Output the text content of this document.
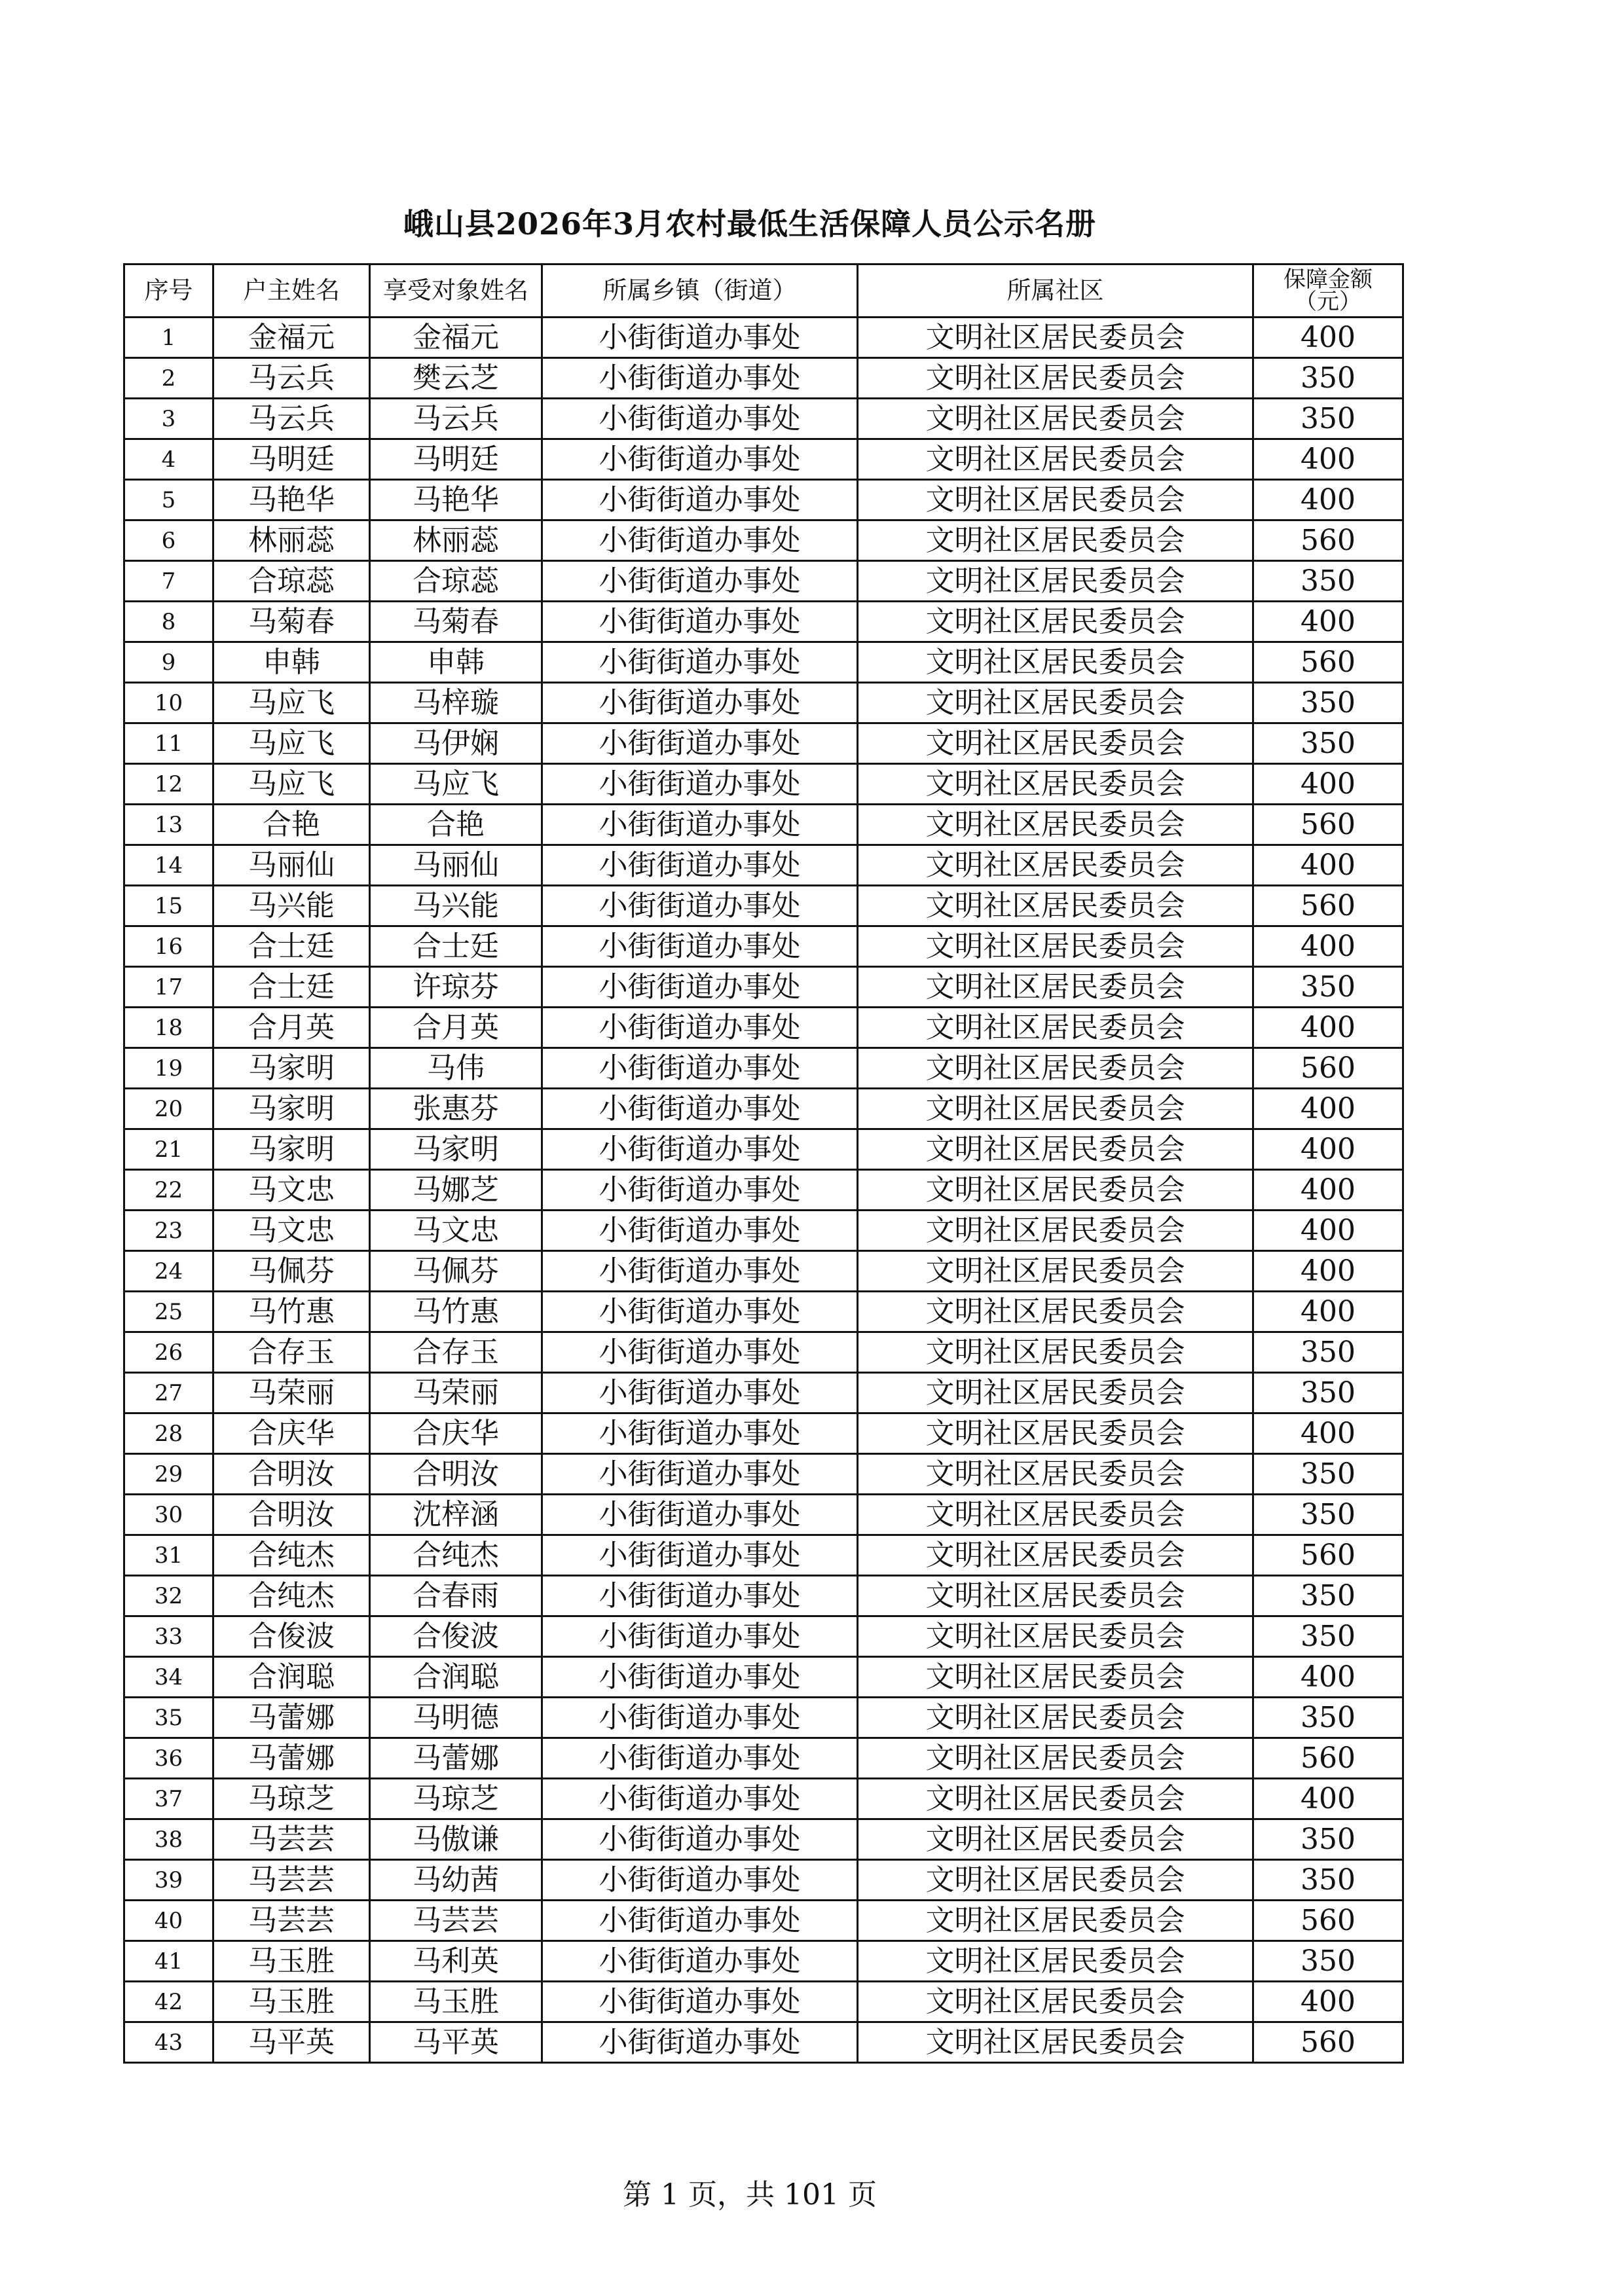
峨山县2026年3月农村最低生活保障人员公示名册
序号	户主姓名	享受对象姓名	所属乡镇（街道）	所属社区	保障金额
（元）

1	金福元	金福元	小街街道办事处	文明社区居民委员会	400
2	马云兵	樊云芝	小街街道办事处	文明社区居民委员会	350
3	马云兵	马云兵	小街街道办事处	文明社区居民委员会	350
4	马明廷	马明廷	小街街道办事处	文明社区居民委员会	400
5	马艳华	马艳华	小街街道办事处	文明社区居民委员会	400
6	林丽蕊	林丽蕊	小街街道办事处	文明社区居民委员会	560
7	合琼蕊	合琼蕊	小街街道办事处	文明社区居民委员会	350
8	马菊春	马菊春	小街街道办事处	文明社区居民委员会	400
9	申韩	申韩	小街街道办事处	文明社区居民委员会	560
10	马应飞	马梓璇	小街街道办事处	文明社区居民委员会	350
11	马应飞	马伊娴	小街街道办事处	文明社区居民委员会	350
12	马应飞	马应飞	小街街道办事处	文明社区居民委员会	400
13	合艳	合艳	小街街道办事处	文明社区居民委员会	560
14	马丽仙	马丽仙	小街街道办事处	文明社区居民委员会	400
15	马兴能	马兴能	小街街道办事处	文明社区居民委员会	560
16	合士廷	合士廷	小街街道办事处	文明社区居民委员会	400
17	合士廷	许琼芬	小街街道办事处	文明社区居民委员会	350
18	合月英	合月英	小街街道办事处	文明社区居民委员会	400
19	马家明	马伟	小街街道办事处	文明社区居民委员会	560
20	马家明	张惠芬	小街街道办事处	文明社区居民委员会	400
21	马家明	马家明	小街街道办事处	文明社区居民委员会	400
22	马文忠	马娜芝	小街街道办事处	文明社区居民委员会	400
23	马文忠	马文忠	小街街道办事处	文明社区居民委员会	400
24	马佩芬	马佩芬	小街街道办事处	文明社区居民委员会	400
25	马竹惠	马竹惠	小街街道办事处	文明社区居民委员会	400
26	合存玉	合存玉	小街街道办事处	文明社区居民委员会	350
27	马荣丽	马荣丽	小街街道办事处	文明社区居民委员会	350
28	合庆华	合庆华	小街街道办事处	文明社区居民委员会	400
29	合明汝	合明汝	小街街道办事处	文明社区居民委员会	350
30	合明汝	沈梓涵	小街街道办事处	文明社区居民委员会	350
31	合纯杰	合纯杰	小街街道办事处	文明社区居民委员会	560
32	合纯杰	合春雨	小街街道办事处	文明社区居民委员会	350
33	合俊波	合俊波	小街街道办事处	文明社区居民委员会	350
34	合润聪	合润聪	小街街道办事处	文明社区居民委员会	400
35	马蕾娜	马明德	小街街道办事处	文明社区居民委员会	350
36	马蕾娜	马蕾娜	小街街道办事处	文明社区居民委员会	560
37	马琼芝	马琼芝	小街街道办事处	文明社区居民委员会	400
38	马芸芸	马傲谦	小街街道办事处	文明社区居民委员会	350
39	马芸芸	马幼茜	小街街道办事处	文明社区居民委员会	350
40	马芸芸	马芸芸	小街街道办事处	文明社区居民委员会	560
41	马玉胜	马利英	小街街道办事处	文明社区居民委员会	350
42	马玉胜	马玉胜	小街街道办事处	文明社区居民委员会	400
43	马平英	马平英	小街街道办事处	文明社区居民委员会	560
第 1 页，共 101 页
